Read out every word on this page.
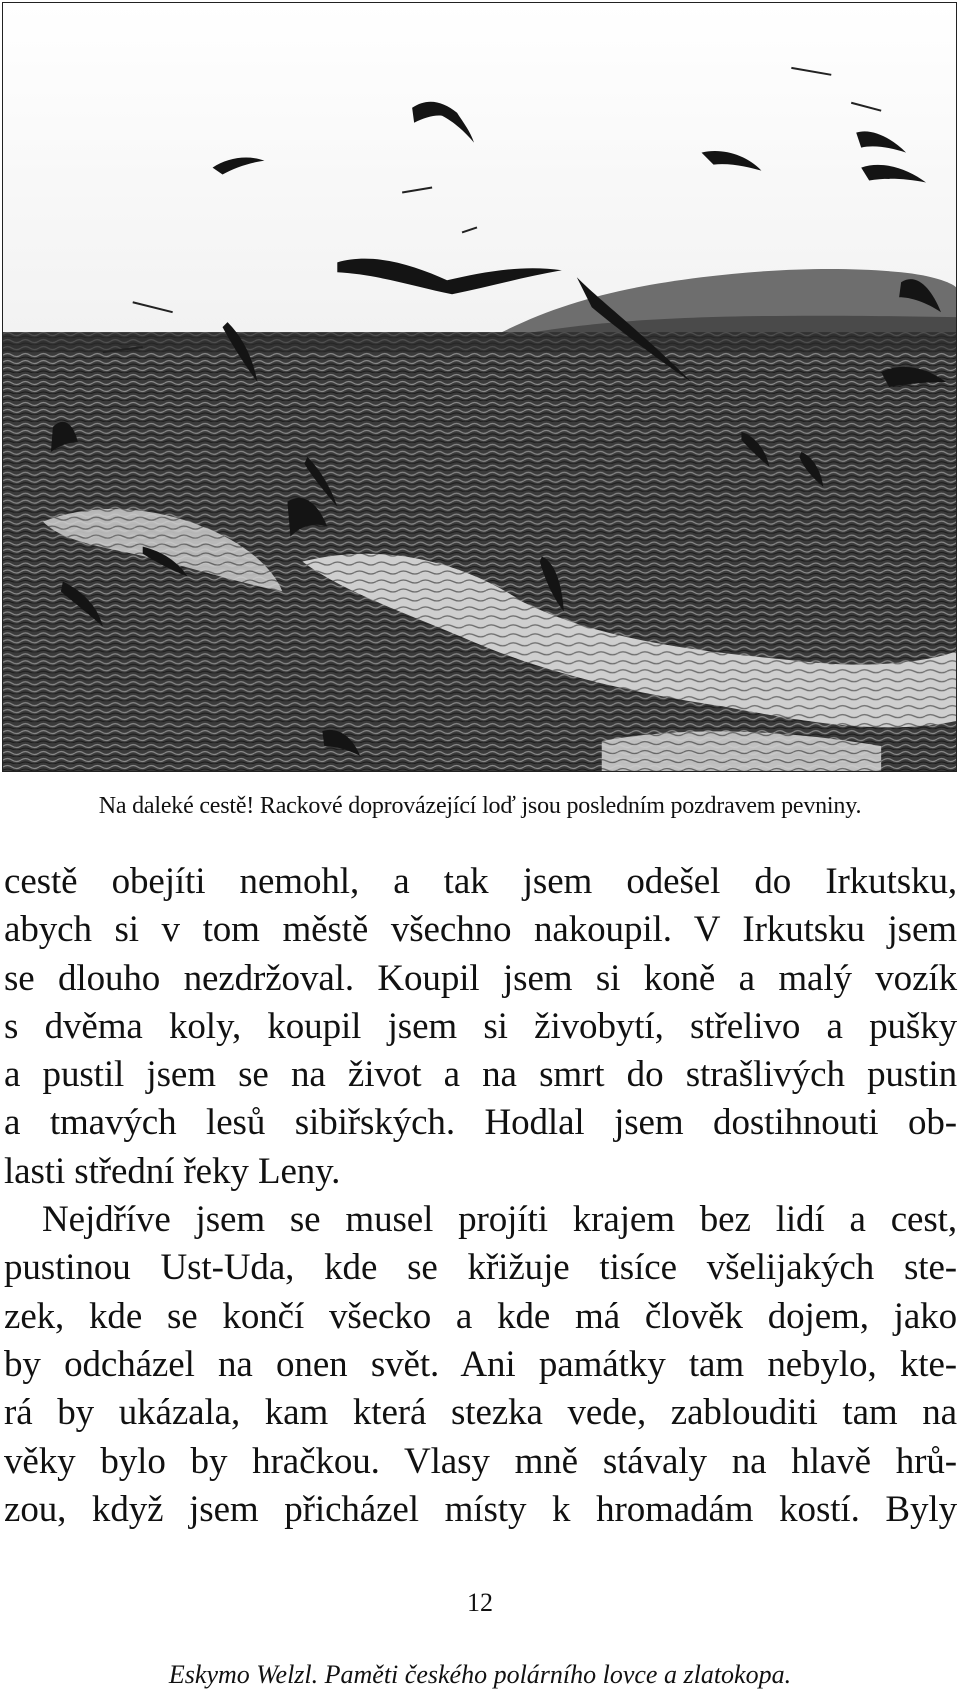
Na daleké cestě! Rackové doprovázející loď jsou posledním pozdravem pevniny.
cestě obejíti nemohl, a tak jsem odešel do Irkutsku,
abych si v tom městě všechno nakoupil. V Irkutsku jsem
se dlouho nezdržoval. Koupil jsem si koně a malý vozík
s dvěma koly, koupil jsem si živobytí, střelivo a pušky
a pustil jsem se na život a na smrt do strašlivých pustin
a tmavých lesů sibiřských. Hodlal jsem dostihnouti ob-
lasti střední řeky Leny.
Nejdříve jsem se musel projíti krajem bez lidí a cest,
pustinou Ust-Uda, kde se křižuje tisíce všelijakých ste-
zek, kde se končí všecko a kde má člověk dojem, jako
by odcházel na onen svět. Ani památky tam nebylo, kte-
rá by ukázala, kam která stezka vede, zablouditi tam na
věky bylo by hračkou. Vlasy mně stávaly na hlavě hrů-
zou, když jsem přicházel místy k hromadám kostí. Byly
12
Eskymo Welzl. Paměti českého polárního lovce a zlatokopa.
